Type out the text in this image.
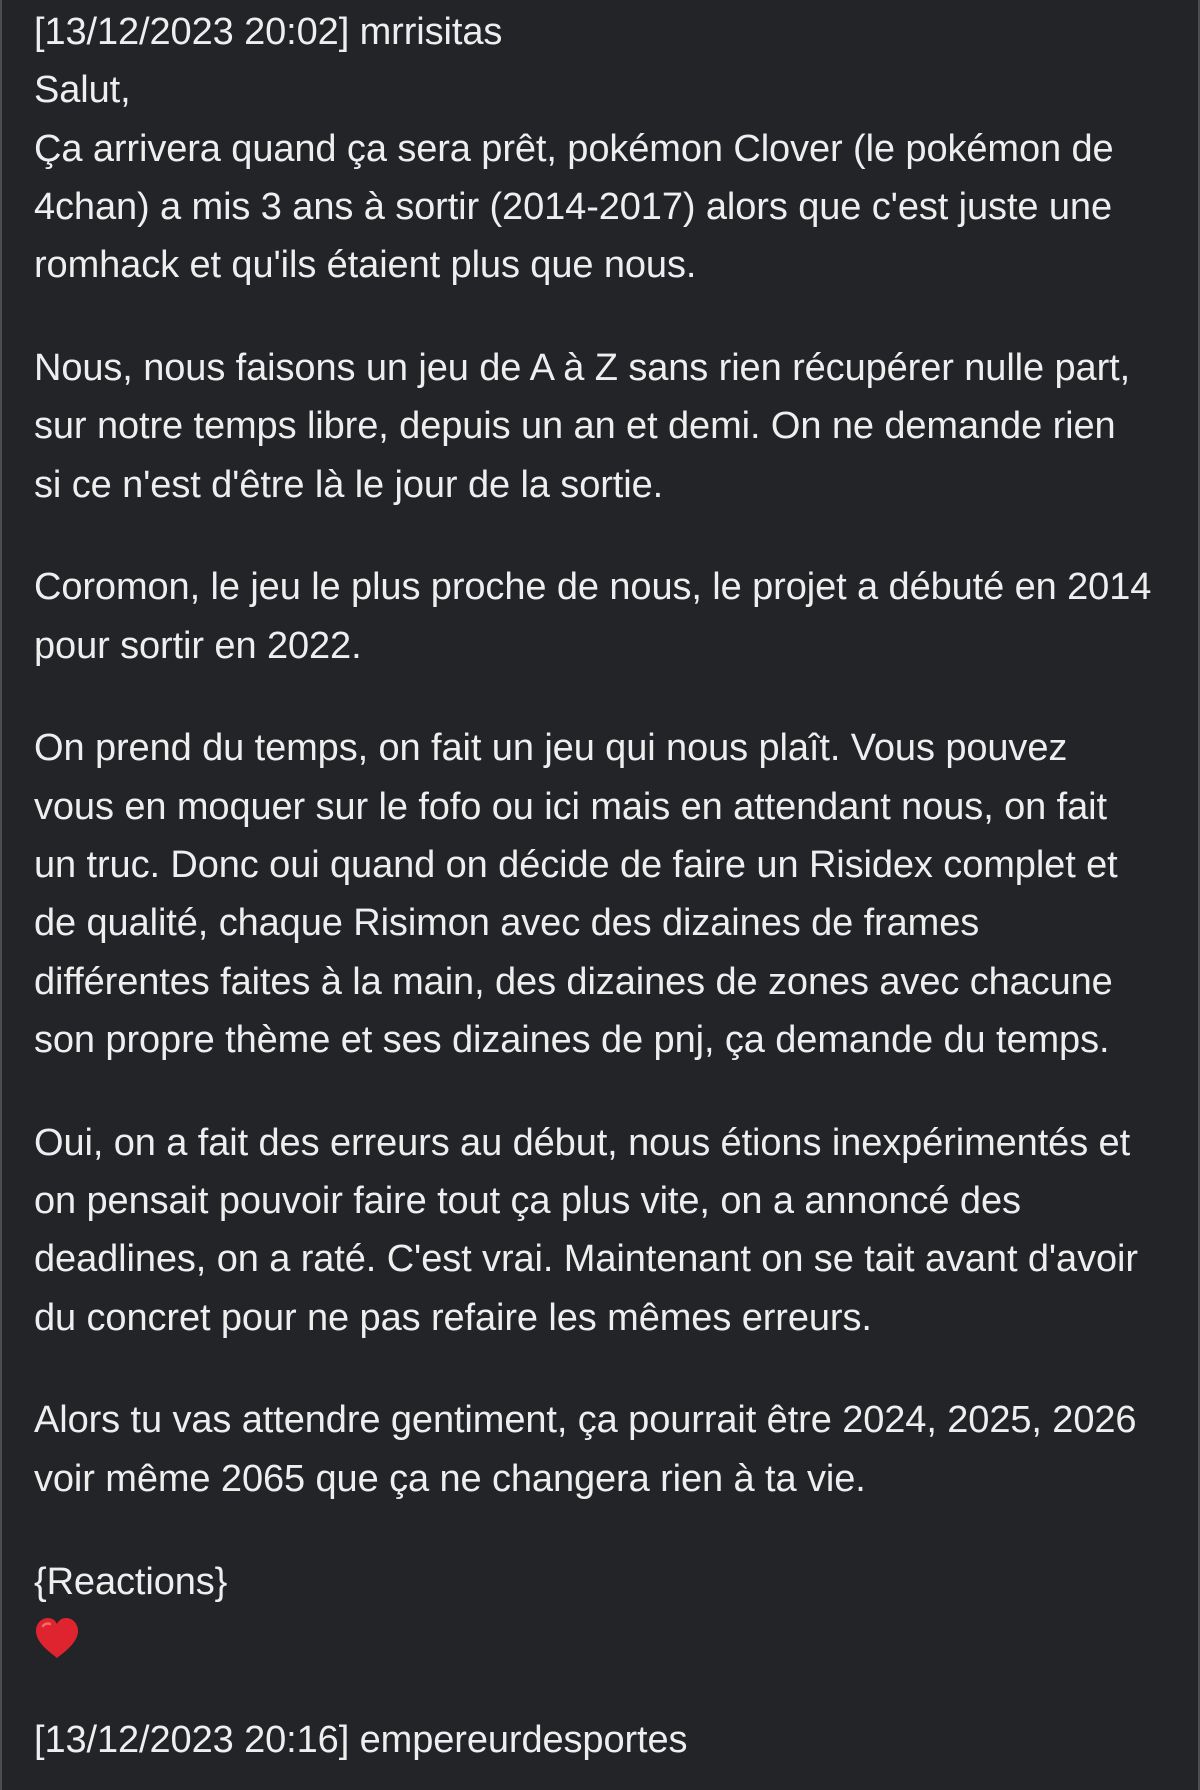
[13/12/2023 20:02] mrrisitas
Salut,
Ça arrivera quand ça sera prêt, pokémon Clover (le pokémon de
4chan) a mis 3 ans à sortir (2014-2017) alors que c'est juste une
romhack et qu'ils étaient plus que nous.
Nous, nous faisons un jeu de A à Z sans rien récupérer nulle part,
sur notre temps libre, depuis un an et demi. On ne demande rien
si ce n'est d'être là le jour de la sortie.
Coromon, le jeu le plus proche de nous, le projet a débuté en 2014
pour sortir en 2022.
On prend du temps, on fait un jeu qui nous plaît. Vous pouvez
vous en moquer sur le fofo ou ici mais en attendant nous, on fait
un truc. Donc oui quand on décide de faire un Risidex complet et
de qualité, chaque Risimon avec des dizaines de frames
différentes faites à la main, des dizaines de zones avec chacune
son propre thème et ses dizaines de pnj, ça demande du temps.
Oui, on a fait des erreurs au début, nous étions inexpérimentés et
on pensait pouvoir faire tout ça plus vite, on a annoncé des
deadlines, on a raté. C'est vrai. Maintenant on se tait avant d'avoir
du concret pour ne pas refaire les mêmes erreurs.
Alors tu vas attendre gentiment, ça pourrait être 2024, 2025, 2026
voir même 2065 que ça ne changera rien à ta vie.
{Reactions}
[13/12/2023 20:16] empereurdesportes
